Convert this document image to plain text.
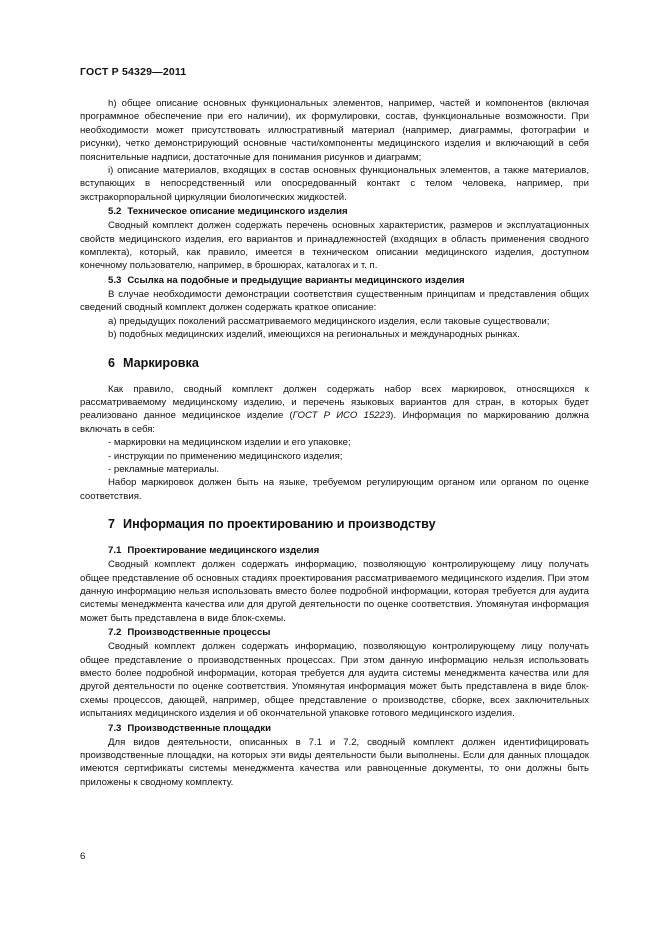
ГОСТ Р 54329—2011

h) общее описание основных функциональных элементов, например, частей и компонентов (включая программное обеспечение при его наличии), их формулировки, состав, функциональные возможности. При необходимости может присутствовать иллюстративный материал (например, диаграммы, фотографии и рисунки), четко демонстрирующий основные части/компоненты медицинского изделия и включающий в себя пояснительные надписи, достаточные для понимания рисунков и диаграмм;

i) описание материалов, входящих в состав основных функциональных элементов, а также материалов, вступающих в непосредственный или опосредованный контакт с телом человека, например, при экстракорпоральной циркуляции биологических жидкостей.

5.2 Техническое описание медицинского изделия

Сводный комплект должен содержать перечень основных характеристик, размеров и эксплуатационных свойств медицинского изделия, его вариантов и принадлежностей (входящих в область применения сводного комплекта), который, как правило, имеется в техническом описании медицинского изделия, доступном конечному пользователю, например, в брошюрах, каталогах и т. п.

5.3 Ссылка на подобные и предыдущие варианты медицинского изделия

В случае необходимости демонстрации соответствия существенным принципам и представления общих сведений сводный комплект должен содержать краткое описание:

a) предыдущих поколений рассматриваемого медицинского изделия, если таковые существовали;

b) подобных медицинских изделий, имеющихся на региональных и международных рынках.

6 Маркировка

Как правило, сводный комплект должен содержать набор всех маркировок, относящихся к рассматриваемому медицинскому изделию, и перечень языковых вариантов для стран, в которых будет реализовано данное медицинское изделие (ГОСТ Р ИСО 15223). Информация по маркированию должна включать в себя:

- маркировки на медицинском изделии и его упаковке;

- инструкции по применению медицинского изделия;

- рекламные материалы.

Набор маркировок должен быть на языке, требуемом регулирующим органом или органом по оценке соответствия.

7 Информация по проектированию и производству
7.1 Проектирование медицинского изделия

Сводный комплект должен содержать информацию, позволяющую контролирующему лицу получать общее представление об основных стадиях проектирования рассматриваемого медицинского изделия. При этом данную информацию нельзя использовать вместо более подробной информации, которая требуется для аудита системы менеджмента качества или для другой деятельности по оценке соответствия. Упомянутая информация может быть представлена в виде блок-схемы.

7.2 Производственные процессы

Сводный комплект должен содержать информацию, позволяющую контролирующему лицу получать общее представление о производственных процессах. При этом данную информацию нельзя использовать вместо более подробной информации, которая требуется для аудита системы менеджмента качества или для другой деятельности по оценке соответствия. Упомянутая информация может быть представлена в виде блок-схемы процессов, дающей, например, общее представление о производстве, сборке, всех заключительных испытаниях медицинского изделия и об окончательной упаковке готового медицинского изделия.

7.3 Производственные площадки

Для видов деятельности, описанных в 7.1 и 7.2, сводный комплект должен идентифицировать производственные площадки, на которых эти виды деятельности были выполнены. Если для данных площадок имеются сертификаты системы менеджмента качества или равноценные документы, то они должны быть приложены к сводному комплекту.

6
